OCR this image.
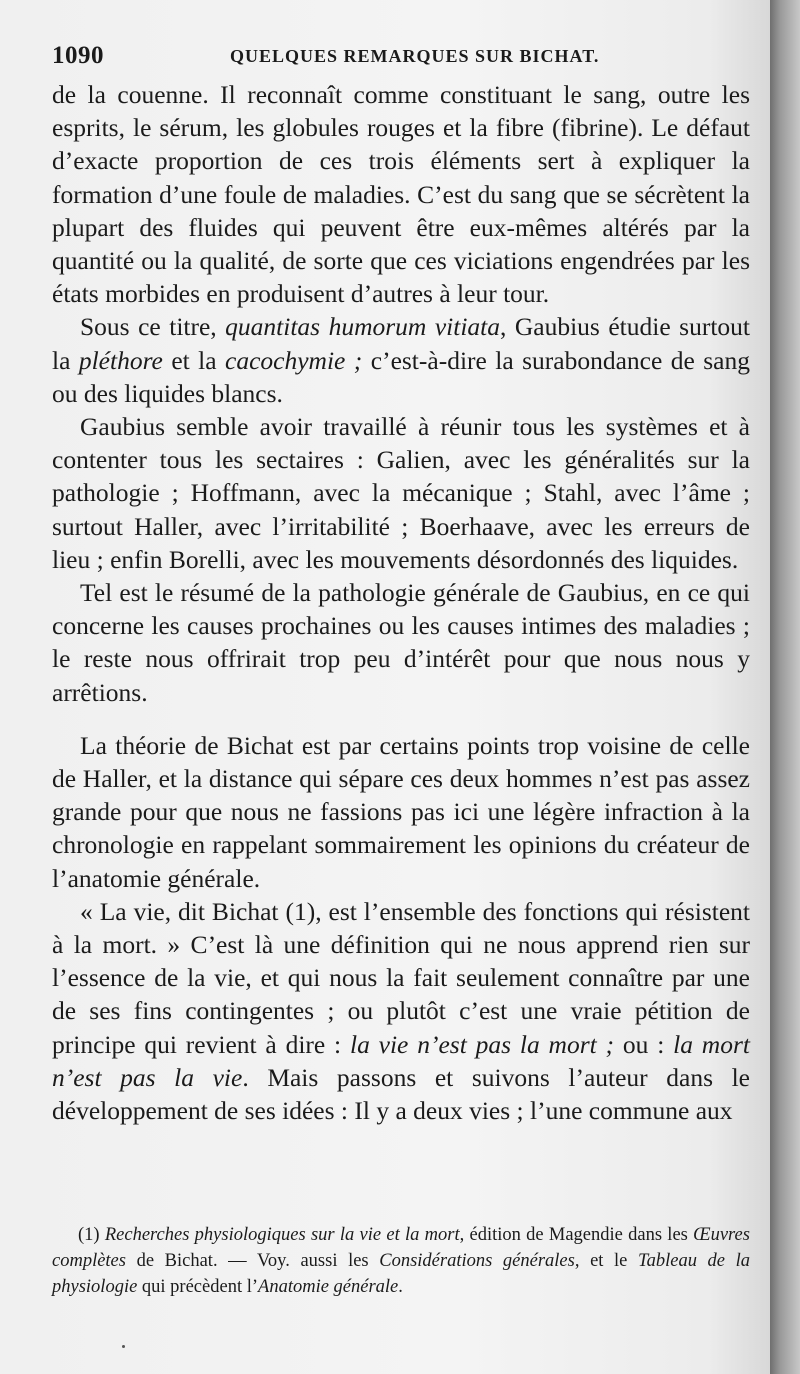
1090	QUELQUES REMARQUES SUR BICHAT.

de la couenne. Il reconnaît comme constituant le sang, outre les esprits, le sérum, les globules rouges et la fibre (fibrine). Le défaut d’exacte proportion de ces trois éléments sert à expliquer la formation d’une foule de maladies. C’est du sang que se sécrètent la plupart des fluides qui peuvent être eux-mêmes altérés par la quantité ou la qualité, de sorte que ces viciations engendrées par les états morbides en produisent d’autres à leur tour.

Sous ce titre, quantitas humorum vitiata, Gaubius étudie surtout la pléthore et la cacochymie ; c’est-à-dire la surabondance de sang ou des liquides blancs.

Gaubius semble avoir travaillé à réunir tous les systèmes et à contenter tous les sectaires : Galien, avec les généralités sur la pathologie ; Hoffmann, avec la mécanique ; Stahl, avec l’âme ; surtout Haller, avec l’irritabilité ; Boerhaave, avec les erreurs de lieu ; enfin Borelli, avec les mouvements désordonnés des liquides.

Tel est le résumé de la pathologie générale de Gaubius, en ce qui concerne les causes prochaines ou les causes intimes des maladies ; le reste nous offrirait trop peu d’intérêt pour que nous nous y arrêtions.

La théorie de Bichat est par certains points trop voisine de celle de Haller, et la distance qui sépare ces deux hommes n’est pas assez grande pour que nous ne fassions pas ici une légère infraction à la chronologie en rappelant sommairement les opinions du créateur de l’anatomie générale.

« La vie, dit Bichat (1), est l’ensemble des fonctions qui résistent à la mort. » C’est là une définition qui ne nous apprend rien sur l’essence de la vie, et qui nous la fait seulement connaître par une de ses fins contingentes ; ou plutôt c’est une vraie pétition de principe qui revient à dire : la vie n’est pas la mort ; ou : la mort n’est pas la vie. Mais passons et suivons l’auteur dans le développement de ses idées : Il y a deux vies ; l’une commune aux

(1) Recherches physiologiques sur la vie et la mort, édition de Magendie dans les Œuvres complètes de Bichat. — Voy. aussi les Considérations générales, et le Tableau de la physiologie qui précèdent l’Anatomie générale.
